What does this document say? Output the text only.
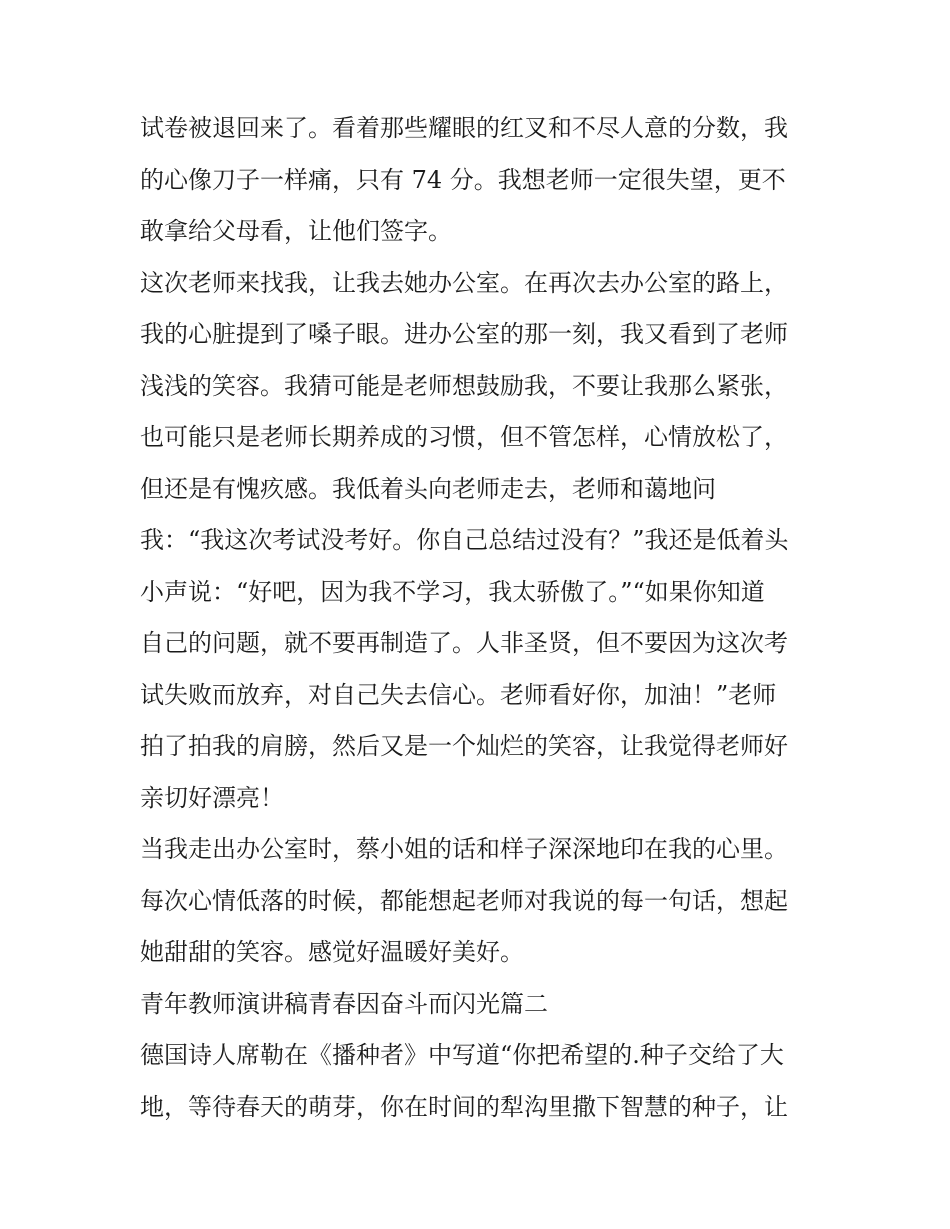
试卷被退回来了。看着那些耀眼的红叉和不尽人意的分数，我
的心像刀子一样痛，只有 74 分。我想老师一定很失望，更不
敢拿给父母看，让他们签字。

这次老师来找我，让我去她办公室。在再次去办公室的路上，
我的心脏提到了嗓子眼。进办公室的那一刻，我又看到了老师
浅浅的笑容。我猜可能是老师想鼓励我，不要让我那么紧张，
也可能只是老师长期养成的习惯，但不管怎样，心情放松了，
但还是有愧疚感。我低着头向老师走去，老师和蔼地问
我：“我这次考试没考好。你自己总结过没有？”我还是低着头
小声说：“好吧，因为我不学习，我太骄傲了。”“如果你知道
自己的问题，就不要再制造了。人非圣贤，但不要因为这次考
试失败而放弃，对自己失去信心。老师看好你，加油！”老师
拍了拍我的肩膀，然后又是一个灿烂的笑容，让我觉得老师好
亲切好漂亮！

当我走出办公室时，蔡小姐的话和样子深深地印在我的心里。
每次心情低落的时候，都能想起老师对我说的每一句话，想起
她甜甜的笑容。感觉好温暖好美好。

青年教师演讲稿青春因奋斗而闪光篇二

德国诗人席勒在《播种者》中写道“你把希望的.种子交给了大
地，等待春天的萌芽，你在时间的犁沟里撒下智慧的种子，让
